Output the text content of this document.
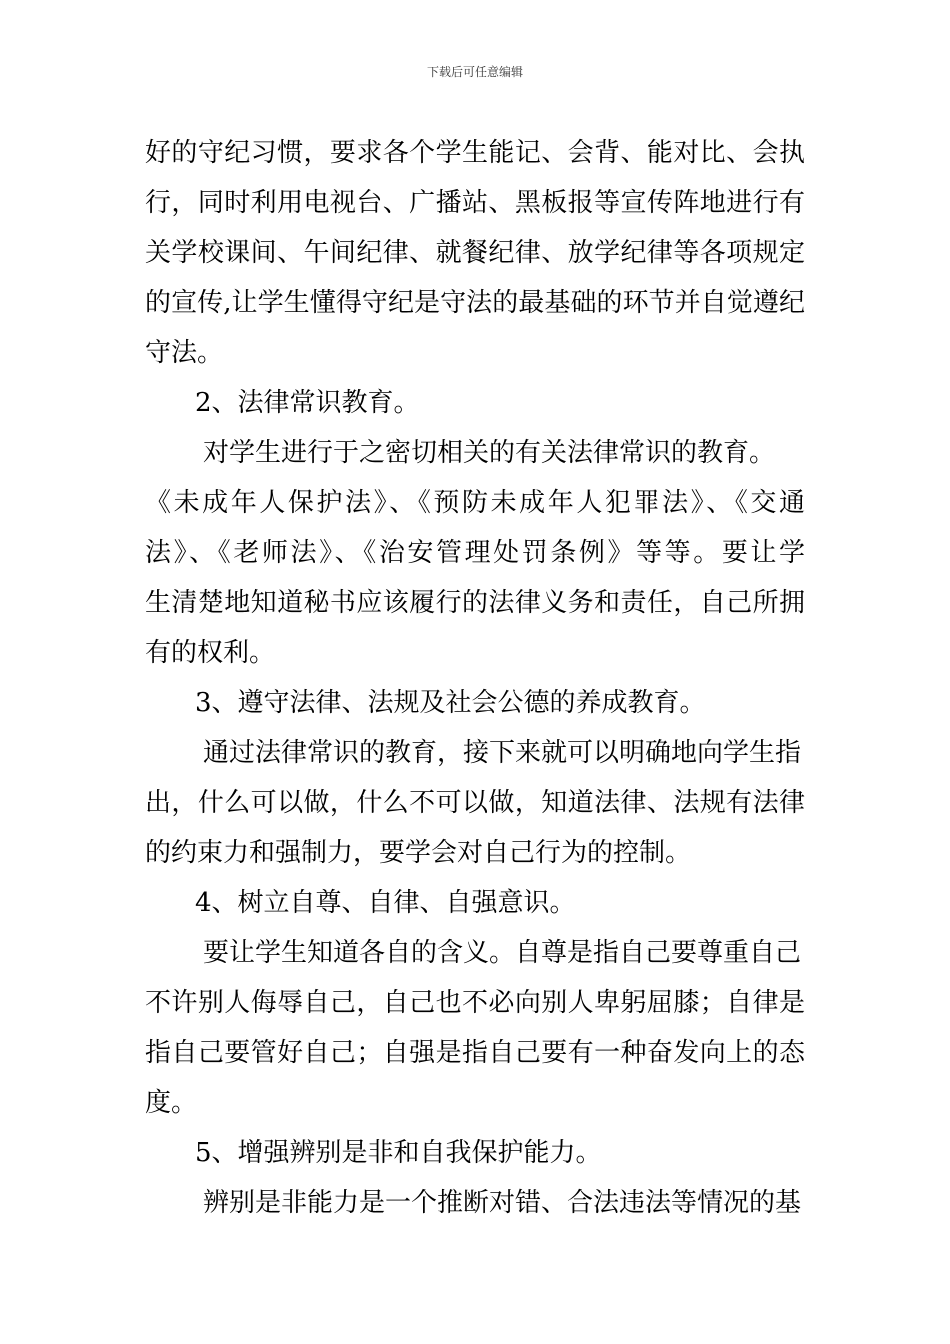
下载后可任意编辑
好的守纪习惯，要求各个学生能记、会背、能对比、会执
行，同时利用电视台、广播站、黑板报等宣传阵地进行有
关学校课间、午间纪律、就餐纪律、放学纪律等各项规定
的宣传,让学生懂得守纪是守法的最基础的环节并自觉遵纪
守法。
2、法律常识教育。
对学生进行于之密切相关的有关法律常识的教育。
《未成年人保护法》、《预防未成年人犯罪法》、《交通
法》、《老师法》、《治安管理处罚条例》等等。要让学
生清楚地知道秘书应该履行的法律义务和责任，自己所拥
有的权利。
3、遵守法律、法规及社会公德的养成教育。
通过法律常识的教育，接下来就可以明确地向学生指
出，什么可以做，什么不可以做，知道法律、法规有法律
的约束力和强制力，要学会对自己行为的控制。
4、树立自尊、自律、自强意识。
要让学生知道各自的含义。自尊是指自己要尊重自己
不许别人侮辱自己，自己也不必向别人卑躬屈膝；自律是
指自己要管好自己；自强是指自己要有一种奋发向上的态
度。
5、增强辨别是非和自我保护能力。
辨别是非能力是一个推断对错、合法违法等情况的基
